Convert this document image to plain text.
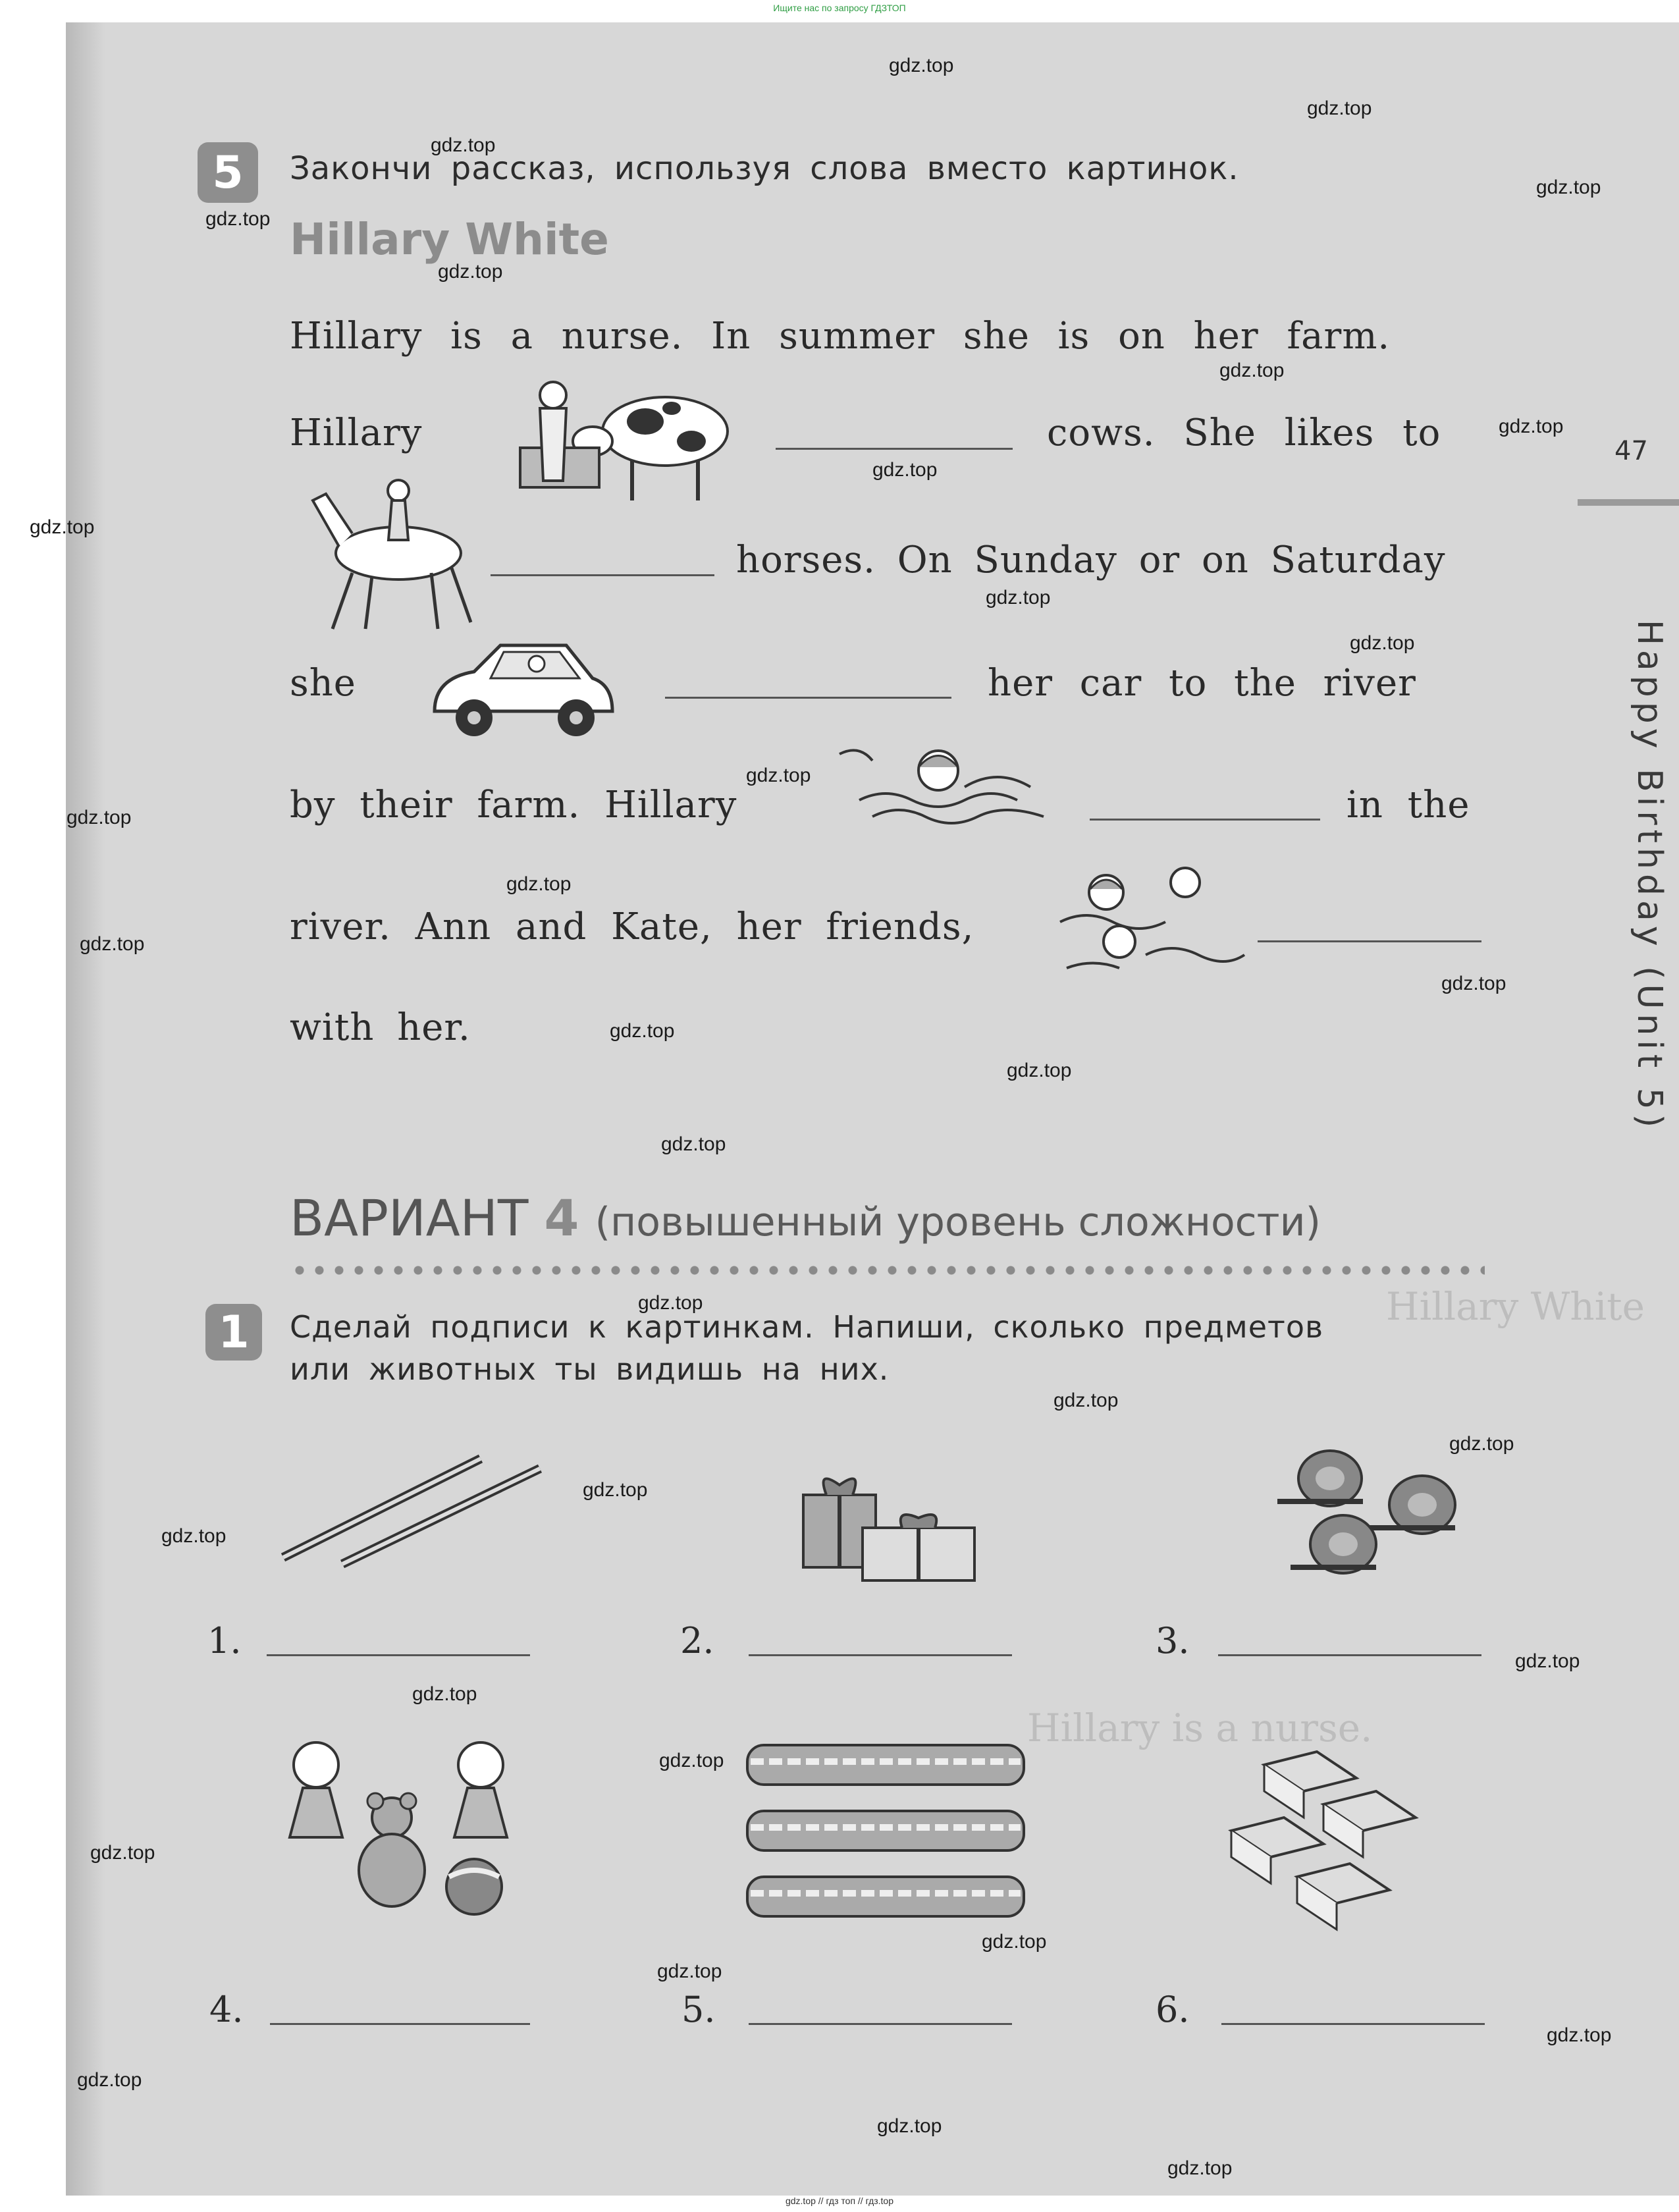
Ищите нас по запросу ГДЗТОП
Hillary White
Hillary is a nurse.
5	Закончи рассказ, используя слова вместо картинок.
Hillary White
Hillary is a nurse. In summer she is on her farm.
Hillary	cows. She likes to
horses. On Sunday or on Saturday
she	her car to the river
by their farm. Hillary	in the
river. Ann and Kate, her friends,
with her.
47
Happy Birthday (Unit 5)
ВАРИАНТ 4 (повышенный уровень сложности)
1	Сделай подписи к картинкам. Напиши, сколько предметов
или животных ты видишь на них.
1.	2.	3.
4.	5.	6.
gdz.top // гдз топ // гдз.top
gdz.top
gdz.top
gdz.top
gdz.top
gdz.top
gdz.top
gdz.top
gdz.top
gdz.top
gdz.top
gdz.top
gdz.top
gdz.top
gdz.top
gdz.top
gdz.top
gdz.top
gdz.top
gdz.top
gdz.top
gdz.top
gdz.top
gdz.top
gdz.top
gdz.top
gdz.top
gdz.top
gdz.top
gdz.top
gdz.top
gdz.top
gdz.top
gdz.top
gdz.top
gdz.top
